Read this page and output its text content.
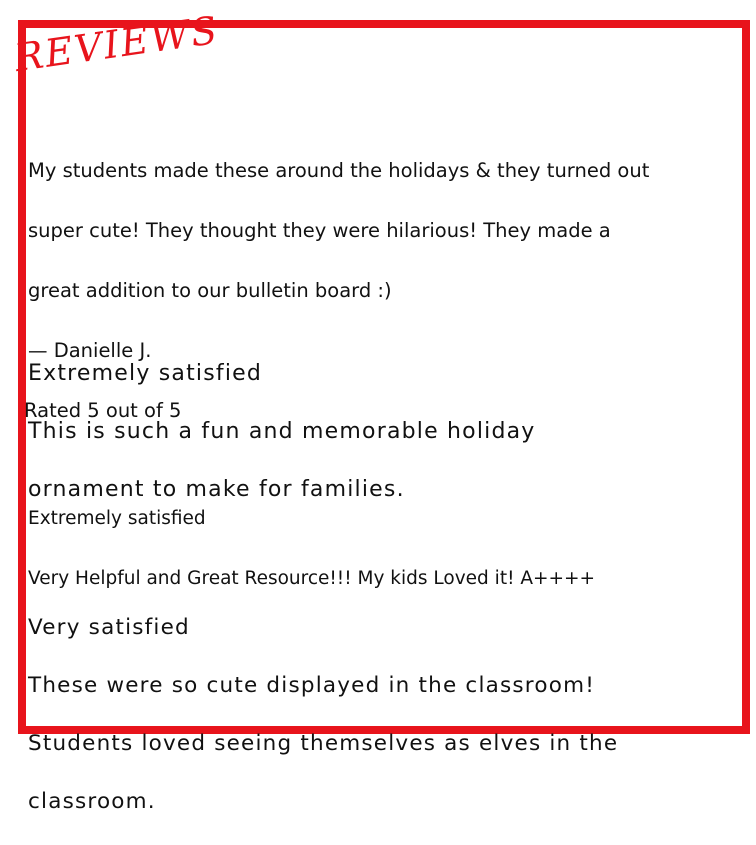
REVIEWS

My students made these around the holidays & they turned out

super cute! They thought they were hilarious! They made a

great addition to our bulletin board :)

— Danielle J.

Rated 5 out of 5

Extremely satisfied

This is such a fun and memorable holiday

ornament to make for families.

Extremely satisfied

Very Helpful and Great Resource!!! My kids Loved it! A++++

Very satisfied

These were so cute displayed in the classroom!

Students loved seeing themselves as elves in the

classroom.
